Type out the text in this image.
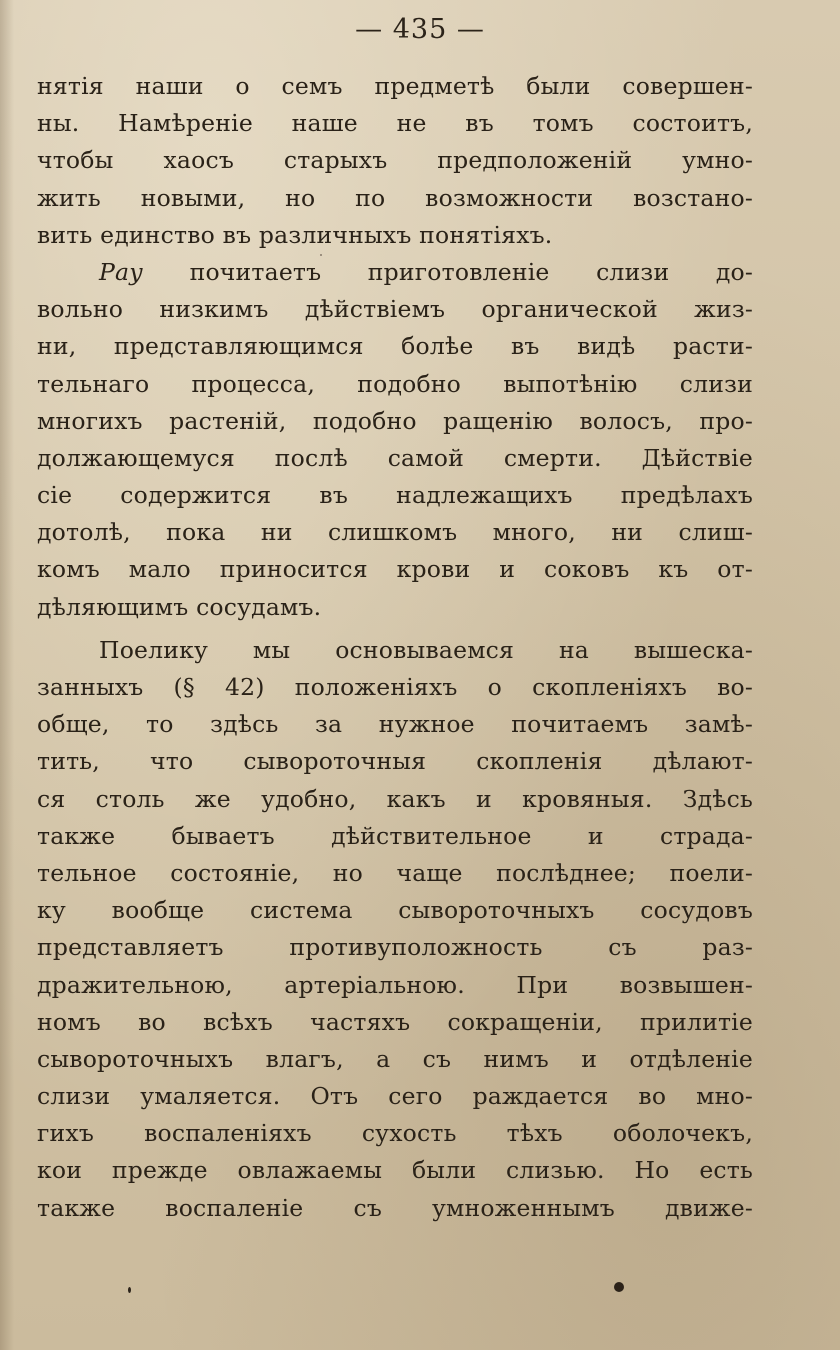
— 435 —
нятія наши о семъ предметѣ были совершен-
ны. Намѣреніе наше не въ томъ состоитъ,
чтобы хаосъ старыхъ предположеній умно-
жить новыми, но по возможности возстано-
вить единство въ различныхъ понятіяхъ.
Рау почитаетъ приготовленіе слизи до-
вольно низкимъ дѣйствіемъ органической жиз-
ни, представляющимся болѣе въ видѣ расти-
тельнаго процесса, подобно выпотѣнію слизи
многихъ растеній, подобно ращенію волосъ, про-
должающемуся послѣ самой смерти. Дѣйствіе
сіе содержится въ надлежащихъ предѣлахъ
дотолѣ, пока ни слишкомъ много, ни слиш-
комъ мало приносится крови и соковъ къ от-
дѣляющимъ сосудамъ.
Поелику мы основываемся на вышеска-
занныхъ (§ 42) положеніяхъ о скопленіяхъ во-
обще, то здѣсь за нужное почитаемъ замѣ-
тить, что сывороточныя скопленія дѣлают-
ся столь же удобно, какъ и кровяныя. Здѣсь
также бываетъ дѣйствительное и страда-
тельное состояніе, но чаще послѣднее; поели-
ку вообще система сывороточныхъ сосудовъ
представляетъ противуположность съ раз-
дражительною, артеріальною. При возвышен-
номъ во всѣхъ частяхъ сокращеніи, прилитіе
сывороточныхъ влагъ, а съ нимъ и отдѣленіе
слизи умаляется. Отъ сего раждается во мно-
гихъ воспаленіяхъ сухость тѣхъ оболочекъ,
кои прежде овлажаемы были слизью. Но есть
также воспаленіе съ умноженнымъ движе-
